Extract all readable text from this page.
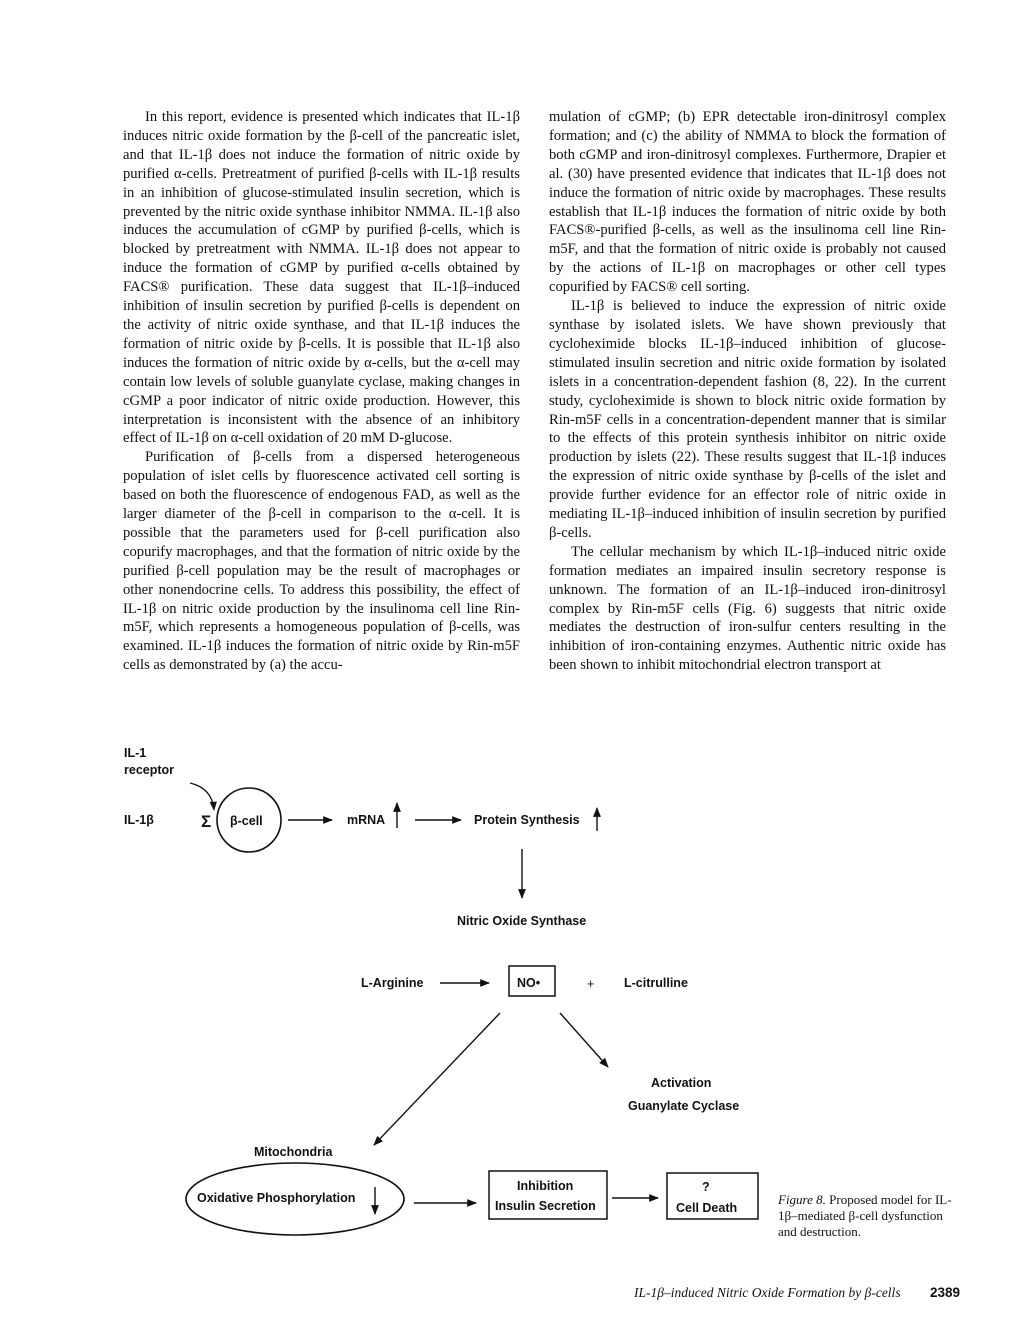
In this report, evidence is presented which indicates that IL-1β induces nitric oxide formation by the β-cell of the pancreatic islet, and that IL-1β does not induce the formation of nitric oxide by purified α-cells. Pretreatment of purified β-cells with IL-1β results in an inhibition of glucose-stimulated insulin secretion, which is prevented by the nitric oxide synthase inhibitor NMMA. IL-1β also induces the accumulation of cGMP by purified β-cells, which is blocked by pretreatment with NMMA. IL-1β does not appear to induce the formation of cGMP by purified α-cells obtained by FACS® purification. These data suggest that IL-1β–induced inhibition of insulin secretion by purified β-cells is dependent on the activity of nitric oxide synthase, and that IL-1β induces the formation of nitric oxide by β-cells. It is possible that IL-1β also induces the formation of nitric oxide by α-cells, but the α-cell may contain low levels of soluble guanylate cyclase, making changes in cGMP a poor indicator of nitric oxide production. However, this interpretation is inconsistent with the absence of an inhibitory effect of IL-1β on α-cell oxidation of 20 mM D-glucose.

Purification of β-cells from a dispersed heterogeneous population of islet cells by fluorescence activated cell sorting is based on both the fluorescence of endogenous FAD, as well as the larger diameter of the β-cell in comparison to the α-cell. It is possible that the parameters used for β-cell purification also copurify macrophages, and that the formation of nitric oxide by the purified β-cell population may be the result of macrophages or other nonendocrine cells. To address this possibility, the effect of IL-1β on nitric oxide production by the insulinoma cell line Rin-m5F, which represents a homogeneous population of β-cells, was examined. IL-1β induces the formation of nitric oxide by Rin-m5F cells as demonstrated by (a) the accu-

mulation of cGMP; (b) EPR detectable iron-dinitrosyl complex formation; and (c) the ability of NMMA to block the formation of both cGMP and iron-dinitrosyl complexes. Furthermore, Drapier et al. (30) have presented evidence that indicates that IL-1β does not induce the formation of nitric oxide by macrophages. These results establish that IL-1β induces the formation of nitric oxide by both FACS®-purified β-cells, as well as the insulinoma cell line Rin-m5F, and that the formation of nitric oxide is probably not caused by the actions of IL-1β on macrophages or other cell types copurified by FACS® cell sorting.

IL-1β is believed to induce the expression of nitric oxide synthase by isolated islets. We have shown previously that cycloheximide blocks IL-1β–induced inhibition of glucose-stimulated insulin secretion and nitric oxide formation by isolated islets in a concentration-dependent fashion (8, 22). In the current study, cycloheximide is shown to block nitric oxide formation by Rin-m5F cells in a concentration-dependent manner that is similar to the effects of this protein synthesis inhibitor on nitric oxide production by islets (22). These results suggest that IL-1β induces the expression of nitric oxide synthase by β-cells of the islet and provide further evidence for an effector role of nitric oxide in mediating IL-1β–induced inhibition of insulin secretion by purified β-cells.

The cellular mechanism by which IL-1β–induced nitric oxide formation mediates an impaired insulin secretory response is unknown. The formation of an IL-1β–induced iron-dinitrosyl complex by Rin-m5F cells (Fig. 6) suggests that nitric oxide mediates the destruction of iron-sulfur centers resulting in the inhibition of iron-containing enzymes. Authentic nitric oxide has been shown to inhibit mitochondrial electron transport at

IL-1
receptor
IL-1β	Σ β-cell	mRNA	Protein Synthesis
Nitric Oxide Synthase
L-Arginine	NO•	+ L-citrulline
Activation
Guanylate Cyclase
Mitochondria
Oxidative Phosphorylation
Inhibition
Insulin Secretion
?
Cell Death
Figure 8. Proposed model for IL-1β–mediated β-cell dysfunction and destruction.
IL-1β–induced Nitric Oxide Formation by β-cells 2389
